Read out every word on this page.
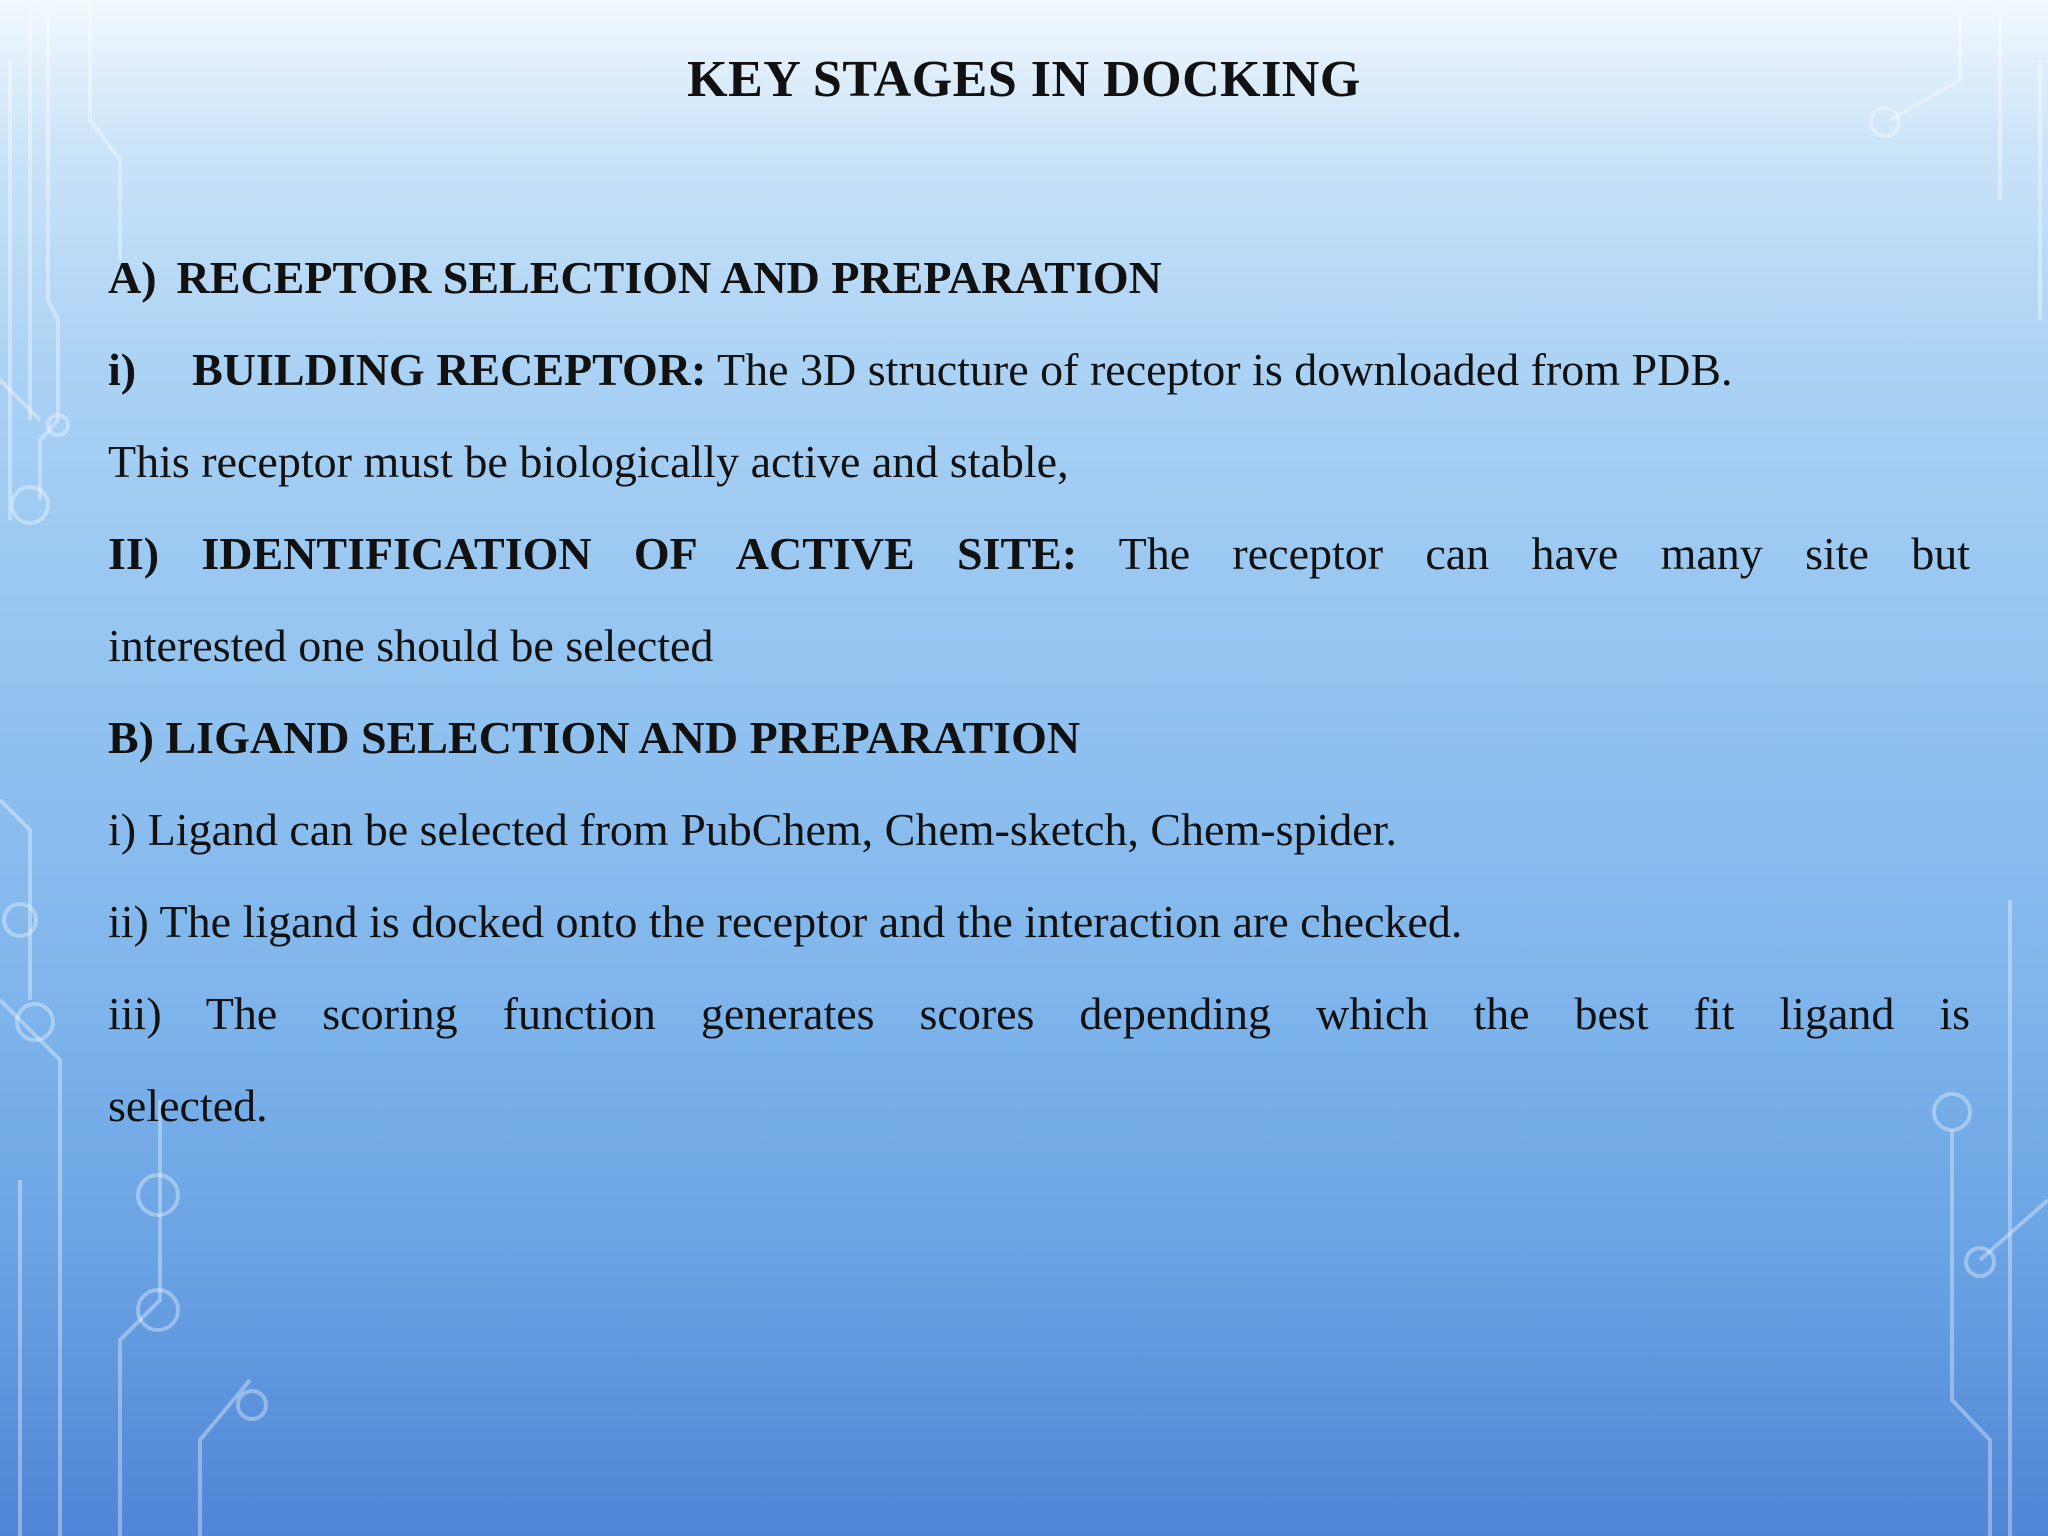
KEY STAGES IN DOCKING
A) RECEPTOR SELECTION AND PREPARATION
i) BUILDING RECEPTOR: The 3D structure of receptor is downloaded from PDB.
This receptor must be biologically active and stable,
II) IDENTIFICATION OF ACTIVE SITE: The receptor can have many site but
interested one should be selected
B) LIGAND SELECTION AND PREPARATION
i) Ligand can be selected from PubChem, Chem-sketch, Chem-spider.
ii) The ligand is docked onto the receptor and the interaction are checked.
iii) The scoring function generates scores depending which the best fit ligand is
selected.
